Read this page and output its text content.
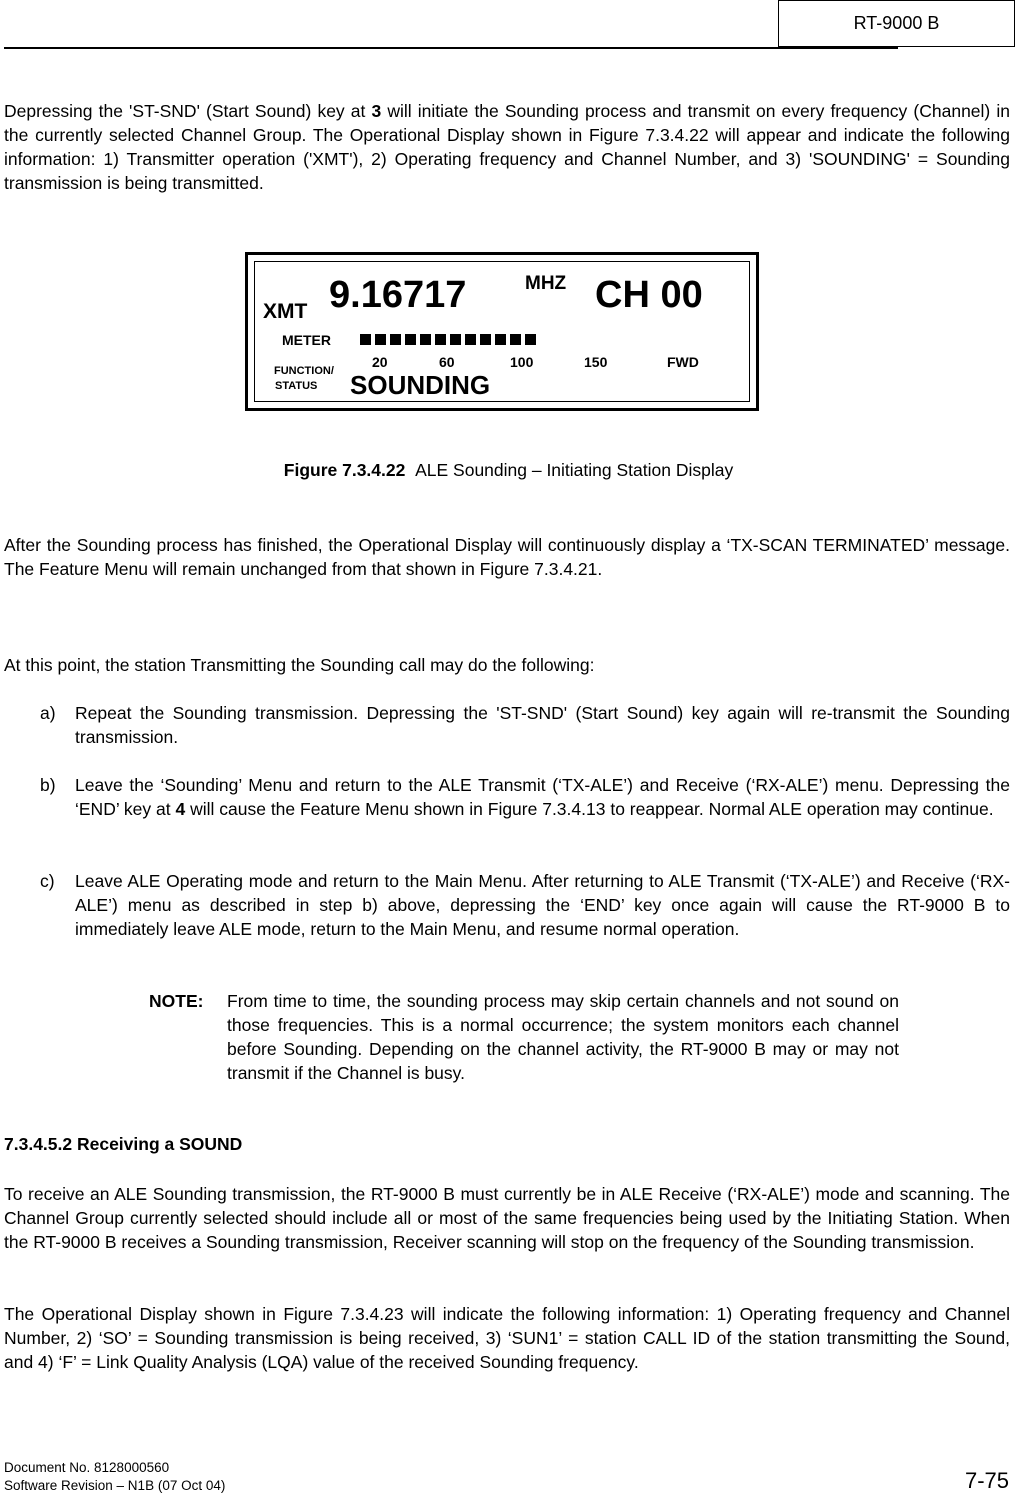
RT-9000 B

Depressing the 'ST-SND' (Start Sound) key at 3 will initiate the Sounding process and transmit on every frequency (Channel) in the currently selected Channel Group. The Operational Display shown in Figure 7.3.4.22 will appear and indicate the following information: 1) Transmitter operation ('XMT'), 2) Operating frequency and Channel Number, and 3) 'SOUNDING' = Sounding transmission is being transmitted.

XMT 9.16717	MHZ CH 00
METER
20	60	100	150	FWD
FUNCTION/
STATUS SOUNDING
Figure 7.3.4.22 ALE Sounding – Initiating Station Display

After the Sounding process has finished, the Operational Display will continuously display a ‘TX-SCAN TERMINATED’ message. The Feature Menu will remain unchanged from that shown in Figure 7.3.4.21.

At this point, the station Transmitting the Sounding call may do the following:

a) Repeat the Sounding transmission. Depressing the 'ST-SND' (Start Sound) key again will re-transmit the Sounding transmission.
b) Leave the ‘Sounding’ Menu and return to the ALE Transmit (‘TX-ALE’) and Receive (‘RX-ALE’) menu. Depressing the ‘END’ key at 4 will cause the Feature Menu shown in Figure 7.3.4.13 to reappear. Normal ALE operation may continue.
c) Leave ALE Operating mode and return to the Main Menu. After returning to ALE Transmit (‘TX-ALE’) and Receive (‘RX-ALE’) menu as described in step b) above, depressing the ‘END’ key once again will cause the RT-9000 B to immediately leave ALE mode, return to the Main Menu, and resume normal operation.
NOTE: From time to time, the sounding process may skip certain channels and not sound on those frequencies. This is a normal occurrence; the system monitors each channel before Sounding. Depending on the channel activity, the RT-9000 B may or may not transmit if the Channel is busy.
7.3.4.5.2 Receiving a SOUND

To receive an ALE Sounding transmission, the RT-9000 B must currently be in ALE Receive (‘RX-ALE’) mode and scanning. The Channel Group currently selected should include all or most of the same frequencies being used by the Initiating Station. When the RT-9000 B receives a Sounding transmission, Receiver scanning will stop on the frequency of the Sounding transmission.

The Operational Display shown in Figure 7.3.4.23 will indicate the following information: 1) Operating frequency and Channel Number, 2) ‘SO’ = Sounding transmission is being received, 3) ‘SUN1’ = station CALL ID of the station transmitting the Sound, and 4) ‘F’ = Link Quality Analysis (LQA) value of the received Sounding frequency.

Document No. 8128000560
Software Revision – N1B (07 Oct 04)	7-75
